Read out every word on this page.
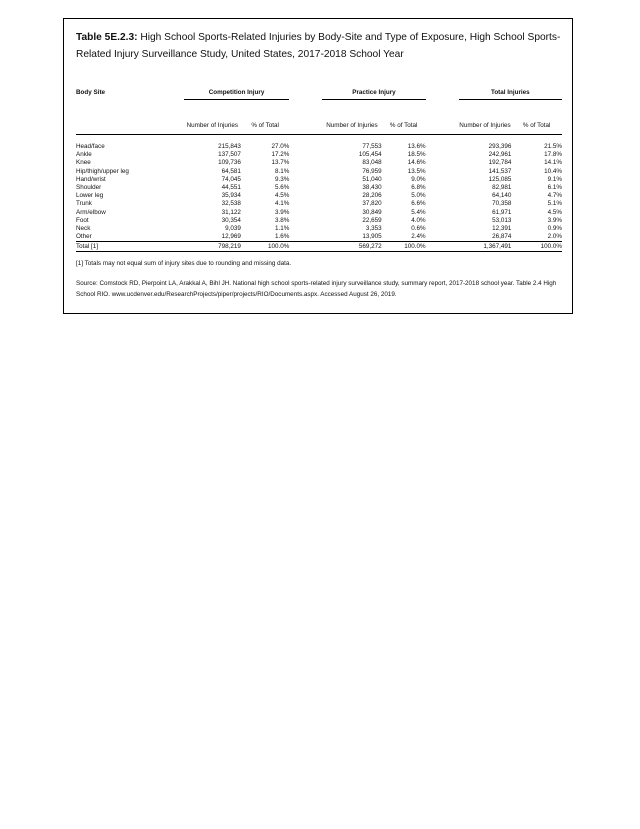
Table 5E.2.3: High School Sports-Related Injuries by Body-Site and Type of Exposure, High School Sports-Related Injury Surveillance Study, United States, 2017-2018 School Year
Body Site	Competition Injury			Practice Injury			Total Injuries	
	Number of Injuries	% of Total		Number of Injuries	% of Total		Number of Injuries	% of Total

Head/face	215,843	27.0%		77,553	13.6%		293,396	21.5%
Ankle	137,507	17.2%		105,454	18.5%		242,961	17.8%
Knee	109,736	13.7%		83,048	14.6%		192,784	14.1%
Hip/thigh/upper leg	64,581	8.1%		76,959	13.5%		141,537	10.4%
Hand/wrist	74,045	9.3%		51,040	9.0%		125,085	9.1%
Shoulder	44,551	5.6%		38,430	6.8%		82,981	6.1%
Lower leg	35,934	4.5%		28,206	5.0%		64,140	4.7%
Trunk	32,538	4.1%		37,820	6.6%		70,358	5.1%
Arm/elbow	31,122	3.9%		30,849	5.4%		61,971	4.5%
Foot	30,354	3.8%		22,659	4.0%		53,013	3.9%
Neck	9,039	1.1%		3,353	0.6%		12,391	0.9%
Other	12,969	1.6%		13,905	2.4%		26,874	2.0%
Total [1]	798,219	100.0%		569,272	100.0%		1,367,491	100.0%
[1] Totals may not equal sum of injury sites due to rounding and missing data.
Source: Comstock RD, Pierpoint LA, Arakkal A, Bihl JH. National high school sports-related injury surveillance study, summary report, 2017-2018 school year. Table 2.4 High School RIO. www.ucdenver.edu/ResearchProjects/piper/projects/RIO/Documents.aspx. Accessed August 26, 2019.
